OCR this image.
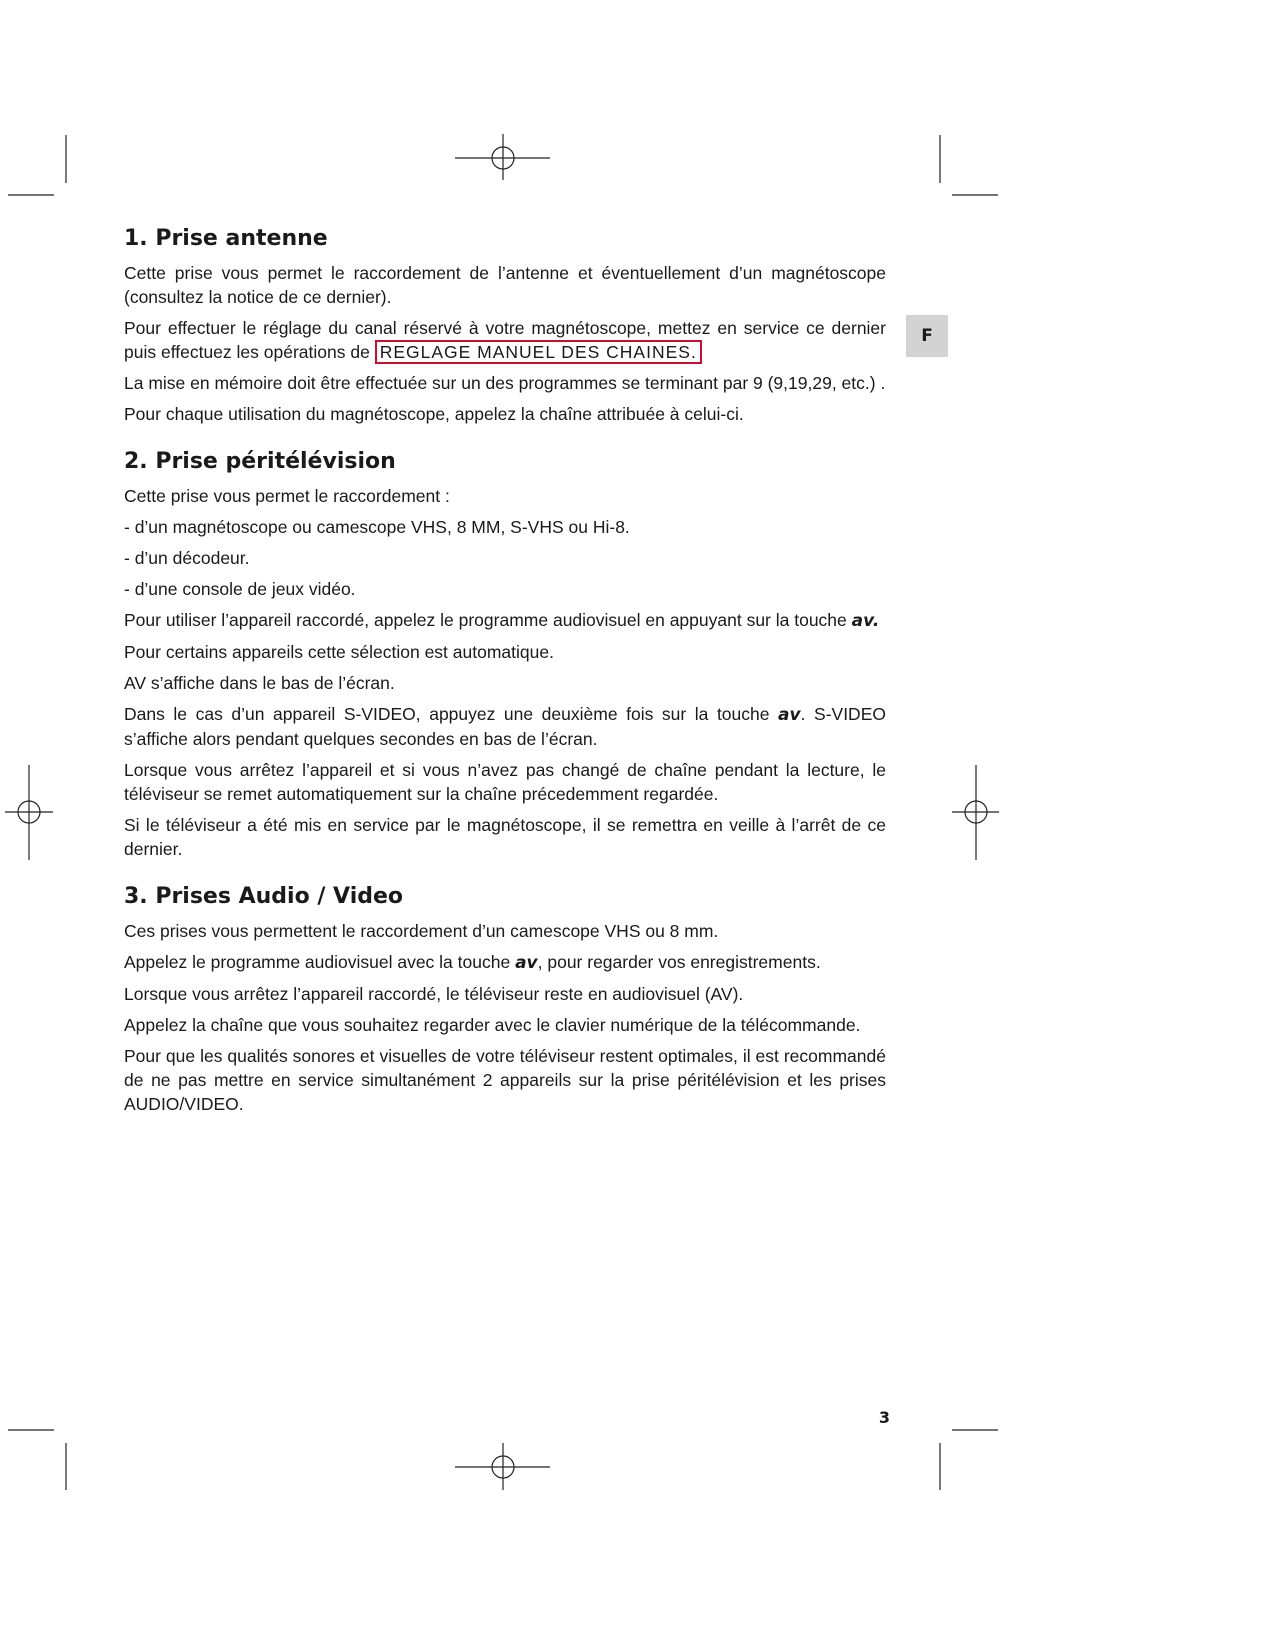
F
1. Prise antenne

Cette prise vous permet le raccordement de l’antenne et éventuellement d’un magnétoscope (consultez la notice de ce dernier).

Pour effectuer le réglage du canal réservé à votre magnétoscope, mettez en service ce dernier puis effectuez les opérations de REGLAGE MANUEL DES CHAINES.

La mise en mémoire doit être effectuée sur un des programmes se terminant par 9 (9,19,29, etc.) .

Pour chaque utilisation du magnétoscope, appelez la chaîne attribuée à celui-ci.

2. Prise péritélévision

Cette prise vous permet le raccordement :

- d’un magnétoscope ou camescope VHS, 8 MM, S-VHS ou Hi-8.

- d’un décodeur.

- d’une console de jeux vidéo.

Pour utiliser l’appareil raccordé, appelez le programme audiovisuel en appuyant sur la touche av.

Pour certains appareils cette sélection est automatique.

AV s’affiche dans le bas de l’écran.

Dans le cas d’un appareil S-VIDEO, appuyez une deuxième fois sur la touche av. S-VIDEO s’affiche alors pendant quelques secondes en bas de l’écran.

Lorsque vous arrêtez l’appareil et si vous n’avez pas changé de chaîne pendant la lecture, le téléviseur se remet automatiquement sur la chaîne précedemment regardée.

Si le téléviseur a été mis en service par le magnétoscope, il se remettra en veille à l’arrêt de ce dernier.

3. Prises Audio / Video

Ces prises vous permettent le raccordement d’un camescope VHS ou 8 mm.

Appelez le programme audiovisuel avec la touche av, pour regarder vos enregistrements.

Lorsque vous arrêtez l’appareil raccordé, le téléviseur reste en audiovisuel (AV).

Appelez la chaîne que vous souhaitez regarder avec le clavier numérique de la télécommande.

Pour que les qualités sonores et visuelles de votre téléviseur restent optimales, il est recommandé de ne pas mettre en service simultanément 2 appareils sur la prise péritélévision et les prises AUDIO/VIDEO.

3
